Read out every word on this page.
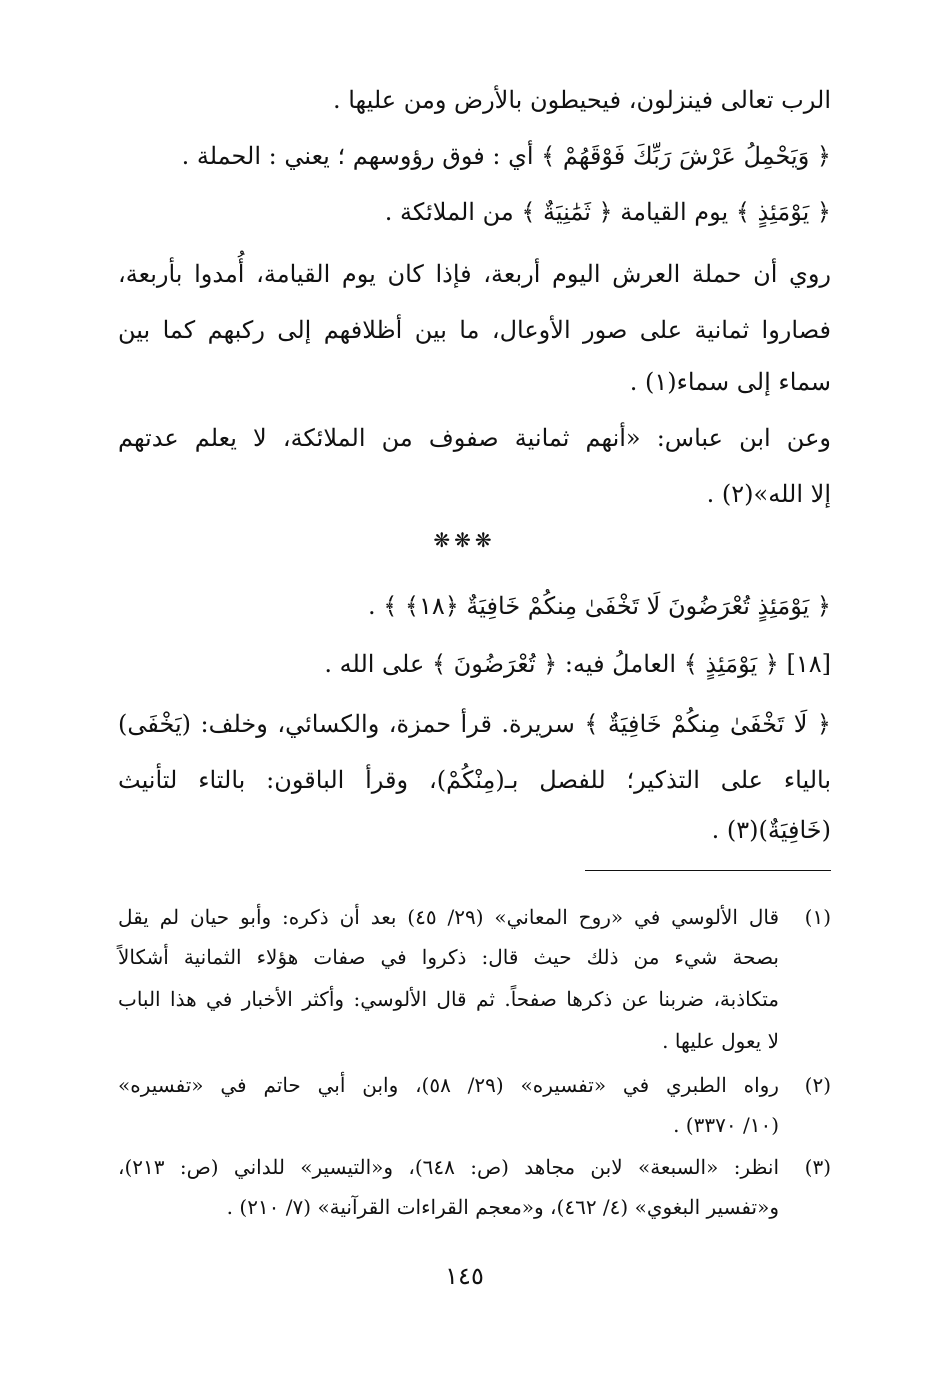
الرب تعالى فينزلون، فيحيطون بالأرض ومن عليها .
﴿ وَيَحْمِلُ عَرْشَ رَبِّكَ فَوْقَهُمْ ﴾ أي : فوق رؤوسهم ؛ يعني : الحملة .
﴿ يَوْمَئِذٍ ﴾ يوم القيامة ﴿ ثَمَٰنِيَةٌ ﴾ من الملائكة .
روي أن حملة العرش اليوم أربعة، فإذا كان يوم القيامة، أُمدوا بأربعة،
فصاروا ثمانية على صور الأوعال، ما بين أظلافهم إلى ركبهم كما بين
سماء إلى سماء(١) .
وعن ابن عباس: «أنهم ثمانية صفوف من الملائكة، لا يعلم عدتهم
إلا الله»(٢) .
❋❋❋
﴿ يَوْمَئِذٍ تُعْرَضُونَ لَا تَخْفَىٰ مِنكُمْ خَافِيَةٌ ﴿١٨﴾ ﴾ .
[١٨] ﴿ يَوْمَئِذٍ ﴾ العاملُ فيه: ﴿ تُعْرَضُونَ ﴾ على الله .
﴿ لَا تَخْفَىٰ مِنكُمْ خَافِيَةٌ ﴾ سريرة. قرأ حمزة، والكسائي، وخلف: (يَخْفَى)
بالياء على التذكير؛ للفصل بـ(مِنْكُمْ)، وقرأ الباقون: بالتاء لتأنيث
(خَافِيَةٌ)(٣) .
(١)
قال الألوسي في «روح المعاني» (٢٩/ ٤٥) بعد أن ذكره: وأبو حيان لم يقل
بصحة شيء من ذلك حيث قال: ذكروا في صفات هؤلاء الثمانية أشكالاً
متكاذبة، ضربنا عن ذكرها صفحاً. ثم قال الألوسي: وأكثر الأخبار في هذا الباب
لا يعول عليها .
(٢)
رواه الطبري في «تفسيره» (٢٩/ ٥٨)، وابن أبي حاتم في «تفسيره»
(١٠/ ٣٣٧٠) .
(٣)
انظر: «السبعة» لابن مجاهد (ص: ٦٤٨)، و«التيسير» للداني (ص: ٢١٣)،
و«تفسير البغوي» (٤/ ٤٦٢)، و«معجم القراءات القرآنية» (٧/ ٢١٠) .
١٤٥
